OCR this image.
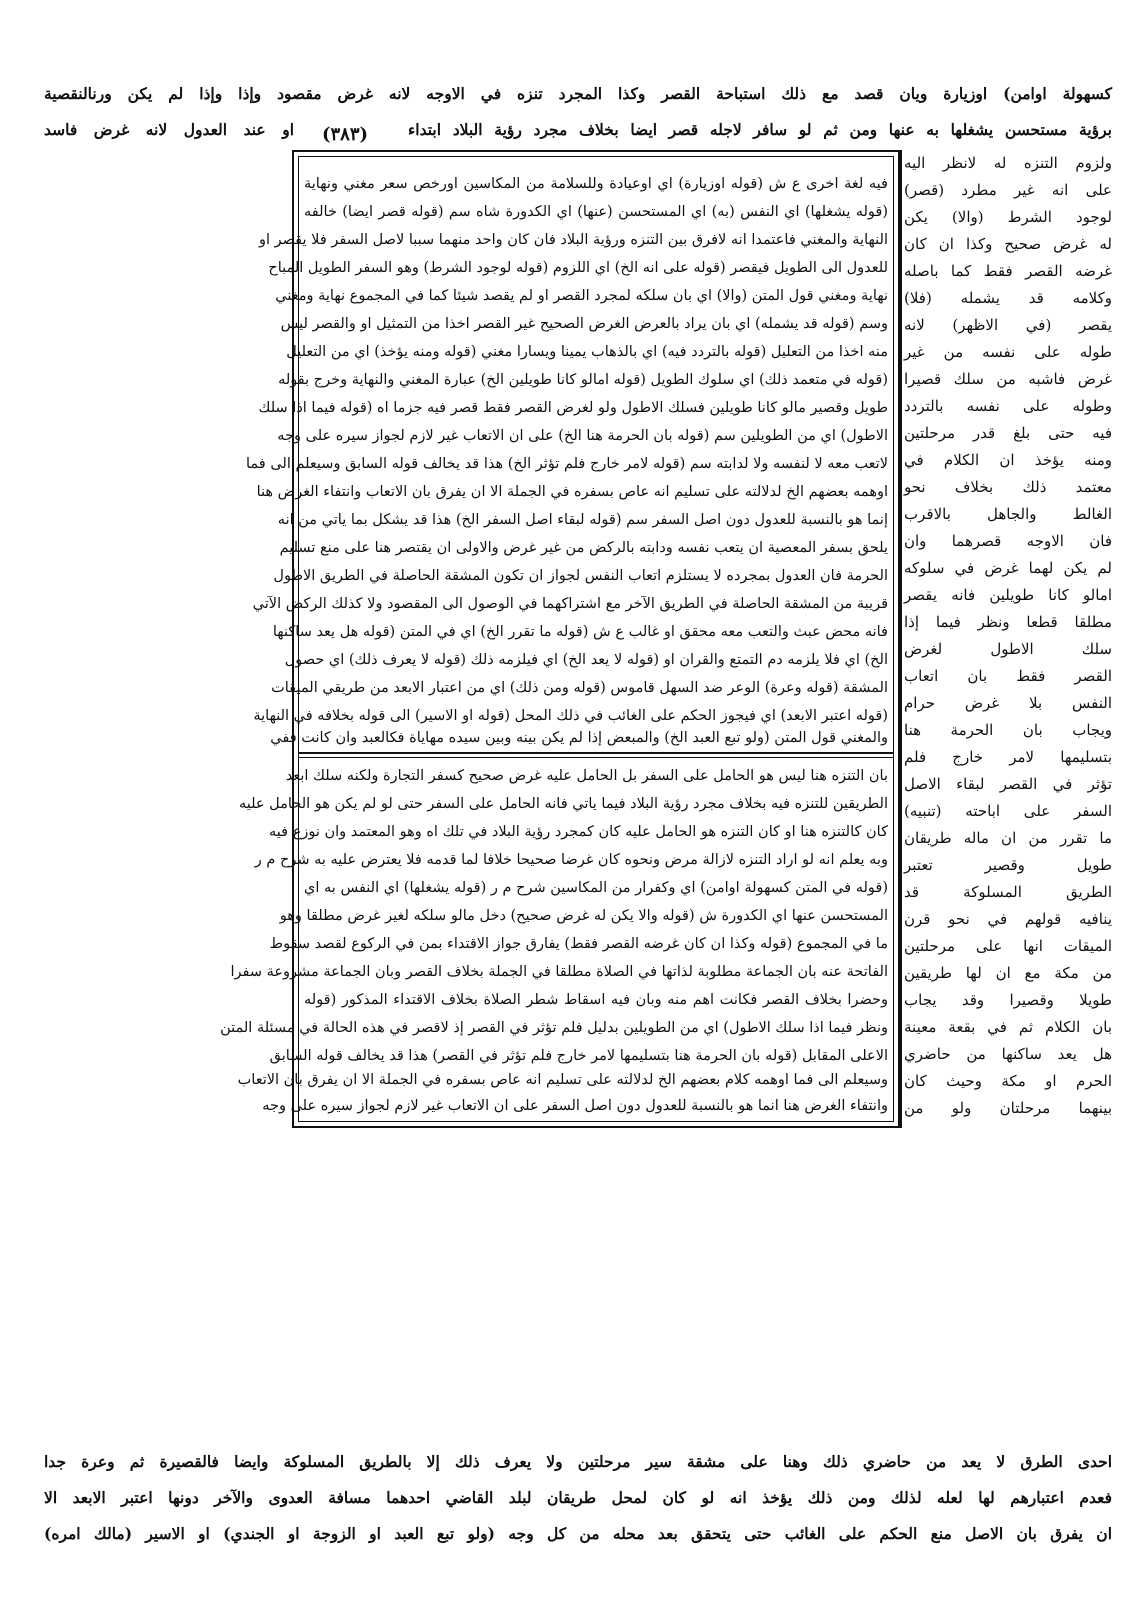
كسهولة اوامن) اوزيارة ويان قصد مع ذلك استباحة القصر وكذا المجرد تنزه في الاوجه لانه غرض مقصود وإذا وإذا لم يكن ورنالنقصية
برؤية مستحسن يشغلها به عنها ومن ثم لو سافر لاجله قصر ايضا بخلاف مجرد رؤية البلاد ابتداء
(٣٨٣)
او عند العدول لانه غرض فاسد
ولزوم التنزه له لانظر اليه
على انه غير مطرد (قصر)
لوجود الشرط (والا) يكن
له غرض صحيح وكذا ان كان
غرضه القصر فقط كما باصله
وكلامه قد يشمله (فلا)
يقصر (في الاظهر) لانه
طوله على نفسه من غير
غرض فاشبه من سلك قصيرا
وطوله على نفسه بالتردد
فيه حتى بلغ قدر مرحلتين
ومنه يؤخذ ان الكلام في
معتمد ذلك بخلاف نحو
الغالط والجاهل بالاقرب
فان الاوجه قصرهما وان
لم يكن لهما غرض في سلوكه
امالو كانا طويلين فانه يقصر
مطلقا قطعا ونظر فيما إذا
سلك الاطول لغرض
القصر فقط بان اتعاب
النفس بلا غرض حرام
ويجاب بان الحرمة هنا
بتسليمها لامر خارج فلم
تؤثر في القصر لبقاء الاصل
السفر على اباحته (تنبيه)
ما تقرر من ان ماله طريقان
طويل وقصير تعتبر
الطريق المسلوكة قد
ينافيه قولهم في نحو قرن
الميقات انها على مرحلتين
من مكة مع ان لها طريقين
طويلا وقصيرا وقد يجاب
بان الكلام ثم في بقعة معينة
هل يعد ساكنها من حاضري
الحرم او مكة وحيث كان
بينهما مرحلتان ولو من
فيه لغة اخرى ع ش (قوله اوزيارة) اي اوعيادة وللسلامة من المكاسين اورخص سعر مغني ونهاية
(قوله يشغلها) اي النفس (به) اي المستحسن (عنها) اي الكدورة شاه سم (قوله قصر ايضا) خالفه
النهاية والمغني فاعتمدا انه لافرق بين التنزه ورؤية البلاد فان كان واحد منهما سببا لاصل السفر فلا يقصر او
للعدول الى الطويل فيقصر (قوله على انه الخ) اي اللزوم (قوله لوجود الشرط) وهو السفر الطويل المباح
نهاية ومغني قول المتن (والا) اي بان سلكه لمجرد القصر او لم يقصد شيئا كما في المجموع نهاية ومغني
وسم (قوله قد يشمله) اي بان يراد بالعرض الغرض الصحيح غير القصر اخذا من التمثيل او والقصر ليس
منه اخذا من التعليل (قوله بالتردد فيه) اي بالذهاب يمينا ويسارا مغني (قوله ومنه يؤخذ) اي من التعليل
(قوله في متعمد ذلك) اي سلوك الطويل (قوله امالو كانا طويلين الخ) عبارة المغني والنهاية وخرج بقوله
طويل وقصير مالو كانا طويلين فسلك الاطول ولو لغرض القصر فقط قصر فيه جزما اه (قوله فيما اذا سلك
الاطول) اي من الطويلين سم (قوله بان الحرمة هنا الخ) على ان الاتعاب غير لازم لجواز سيره على وجه
لاتعب معه لا لنفسه ولا لدابته سم (قوله لامر خارج فلم تؤثر الخ) هذا قد يخالف قوله السابق وسيعلم الى فما
اوهمه بعضهم الخ لدلالته على تسليم انه عاص بسفره في الجملة الا ان يفرق بان الاتعاب وانتفاء الغرض هنا
إنما هو بالنسبة للعدول دون اصل السفر سم (قوله لبقاء اصل السفر الخ) هذا قد يشكل بما ياتي من انه
يلحق بسفر المعصية ان يتعب نفسه ودابته بالركض من غير غرض والاولى ان يقتصر هنا على منع تسليم
الحرمة فان العدول بمجرده لا يستلزم اتعاب النفس لجواز ان تكون المشقة الحاصلة في الطريق الاطول
قريبة من المشقة الحاصلة في الطريق الآخر مع اشتراكهما في الوصول الى المقصود ولا كذلك الركض الآتي
فانه محض عبث والتعب معه محقق او غالب ع ش (قوله ما تقرر الخ) اي في المتن (قوله هل يعد ساكنها
الخ) اي فلا يلزمه دم التمتع والقران او (قوله لا يعد الخ) اي فيلزمه ذلك (قوله لا يعرف ذلك) اي حصول
المشقة (قوله وعرة) الوعر ضد السهل قاموس (قوله ومن ذلك) اي من اعتبار الابعد من طريقي الميقات
(قوله اعتبر الابعد) اي فيجوز الحكم على الغائب في ذلك المحل (قوله او الاسير) الى قوله بخلافه في النهاية
والمغني قول المتن (ولو تبع العبد الخ) والمبعض إذا لم يكن بينه وبين سيده مهاياة فكالعبد وان كانت ففي
بان التنزه هنا ليس هو الحامل على السفر بل الحامل عليه غرض صحيح كسفر التجارة ولكنه سلك ابعد
الطريقين للتنزه فيه بخلاف مجرد رؤية البلاد فيما ياتي فانه الحامل على السفر حتى لو لم يكن هو الحامل عليه
كان كالتنزه هنا او كان التنزه هو الحامل عليه كان كمجرد رؤية البلاد في تلك اه وهو المعتمد وان نوزع فيه
وبه يعلم انه لو اراد التنزه لازالة مرض ونحوه كان غرضا صحيحا خلافا لما قدمه فلا يعترض عليه به شرح م ر
(قوله في المتن كسهولة اوامن) اي وكفرار من المكاسين شرح م ر (قوله يشغلها) اي النفس به اي
المستحسن عنها اي الكدورة ش (قوله والا يكن له غرض صحيح) دخل مالو سلكه لغير غرض مطلقا وهو
ما في المجموع (قوله وكذا ان كان غرضه القصر فقط) يفارق جواز الاقتداء بمن في الركوع لقصد سقوط
الفاتحة عنه بان الجماعة مطلوبة لذاتها في الصلاة مطلقا في الجملة بخلاف القصر وبان الجماعة مشروعة سفرا
وحضرا بخلاف القصر فكانت اهم منه وبان فيه اسقاط شطر الصلاة بخلاف الاقتداء المذكور (قوله
ونظر فيما اذا سلك الاطول) اي من الطويلين بدليل فلم تؤثر في القصر إذ لاقصر في هذه الحالة في مسئلة المتن
الاعلى المقابل (قوله بان الحرمة هنا بتسليمها لامر خارج فلم تؤثر في القصر) هذا قد يخالف قوله السابق
وسيعلم الى فما اوهمه كلام بعضهم الخ لدلالته على تسليم انه عاص بسفره في الجملة الا ان يفرق بان الاتعاب
وانتفاء الغرض هنا انما هو بالنسبة للعدول دون اصل السفر على ان الاتعاب غير لازم لجواز سيره على وجه
احدى الطرق لا يعد من حاضري ذلك وهنا على مشقة سير مرحلتين ولا يعرف ذلك إلا بالطريق المسلوكة وايضا فالقصيرة ثم وعرة جدا
فعدم اعتبارهم لها لعله لذلك ومن ذلك يؤخذ انه لو كان لمحل طريقان لبلد القاضي احدهما مسافة العدوى والآخر دونها اعتبر الابعد الا
ان يفرق بان الاصل منع الحكم على الغائب حتى يتحقق بعد محله من كل وجه (ولو تبع العبد او الزوجة او الجندي) او الاسير (مالك امره)
